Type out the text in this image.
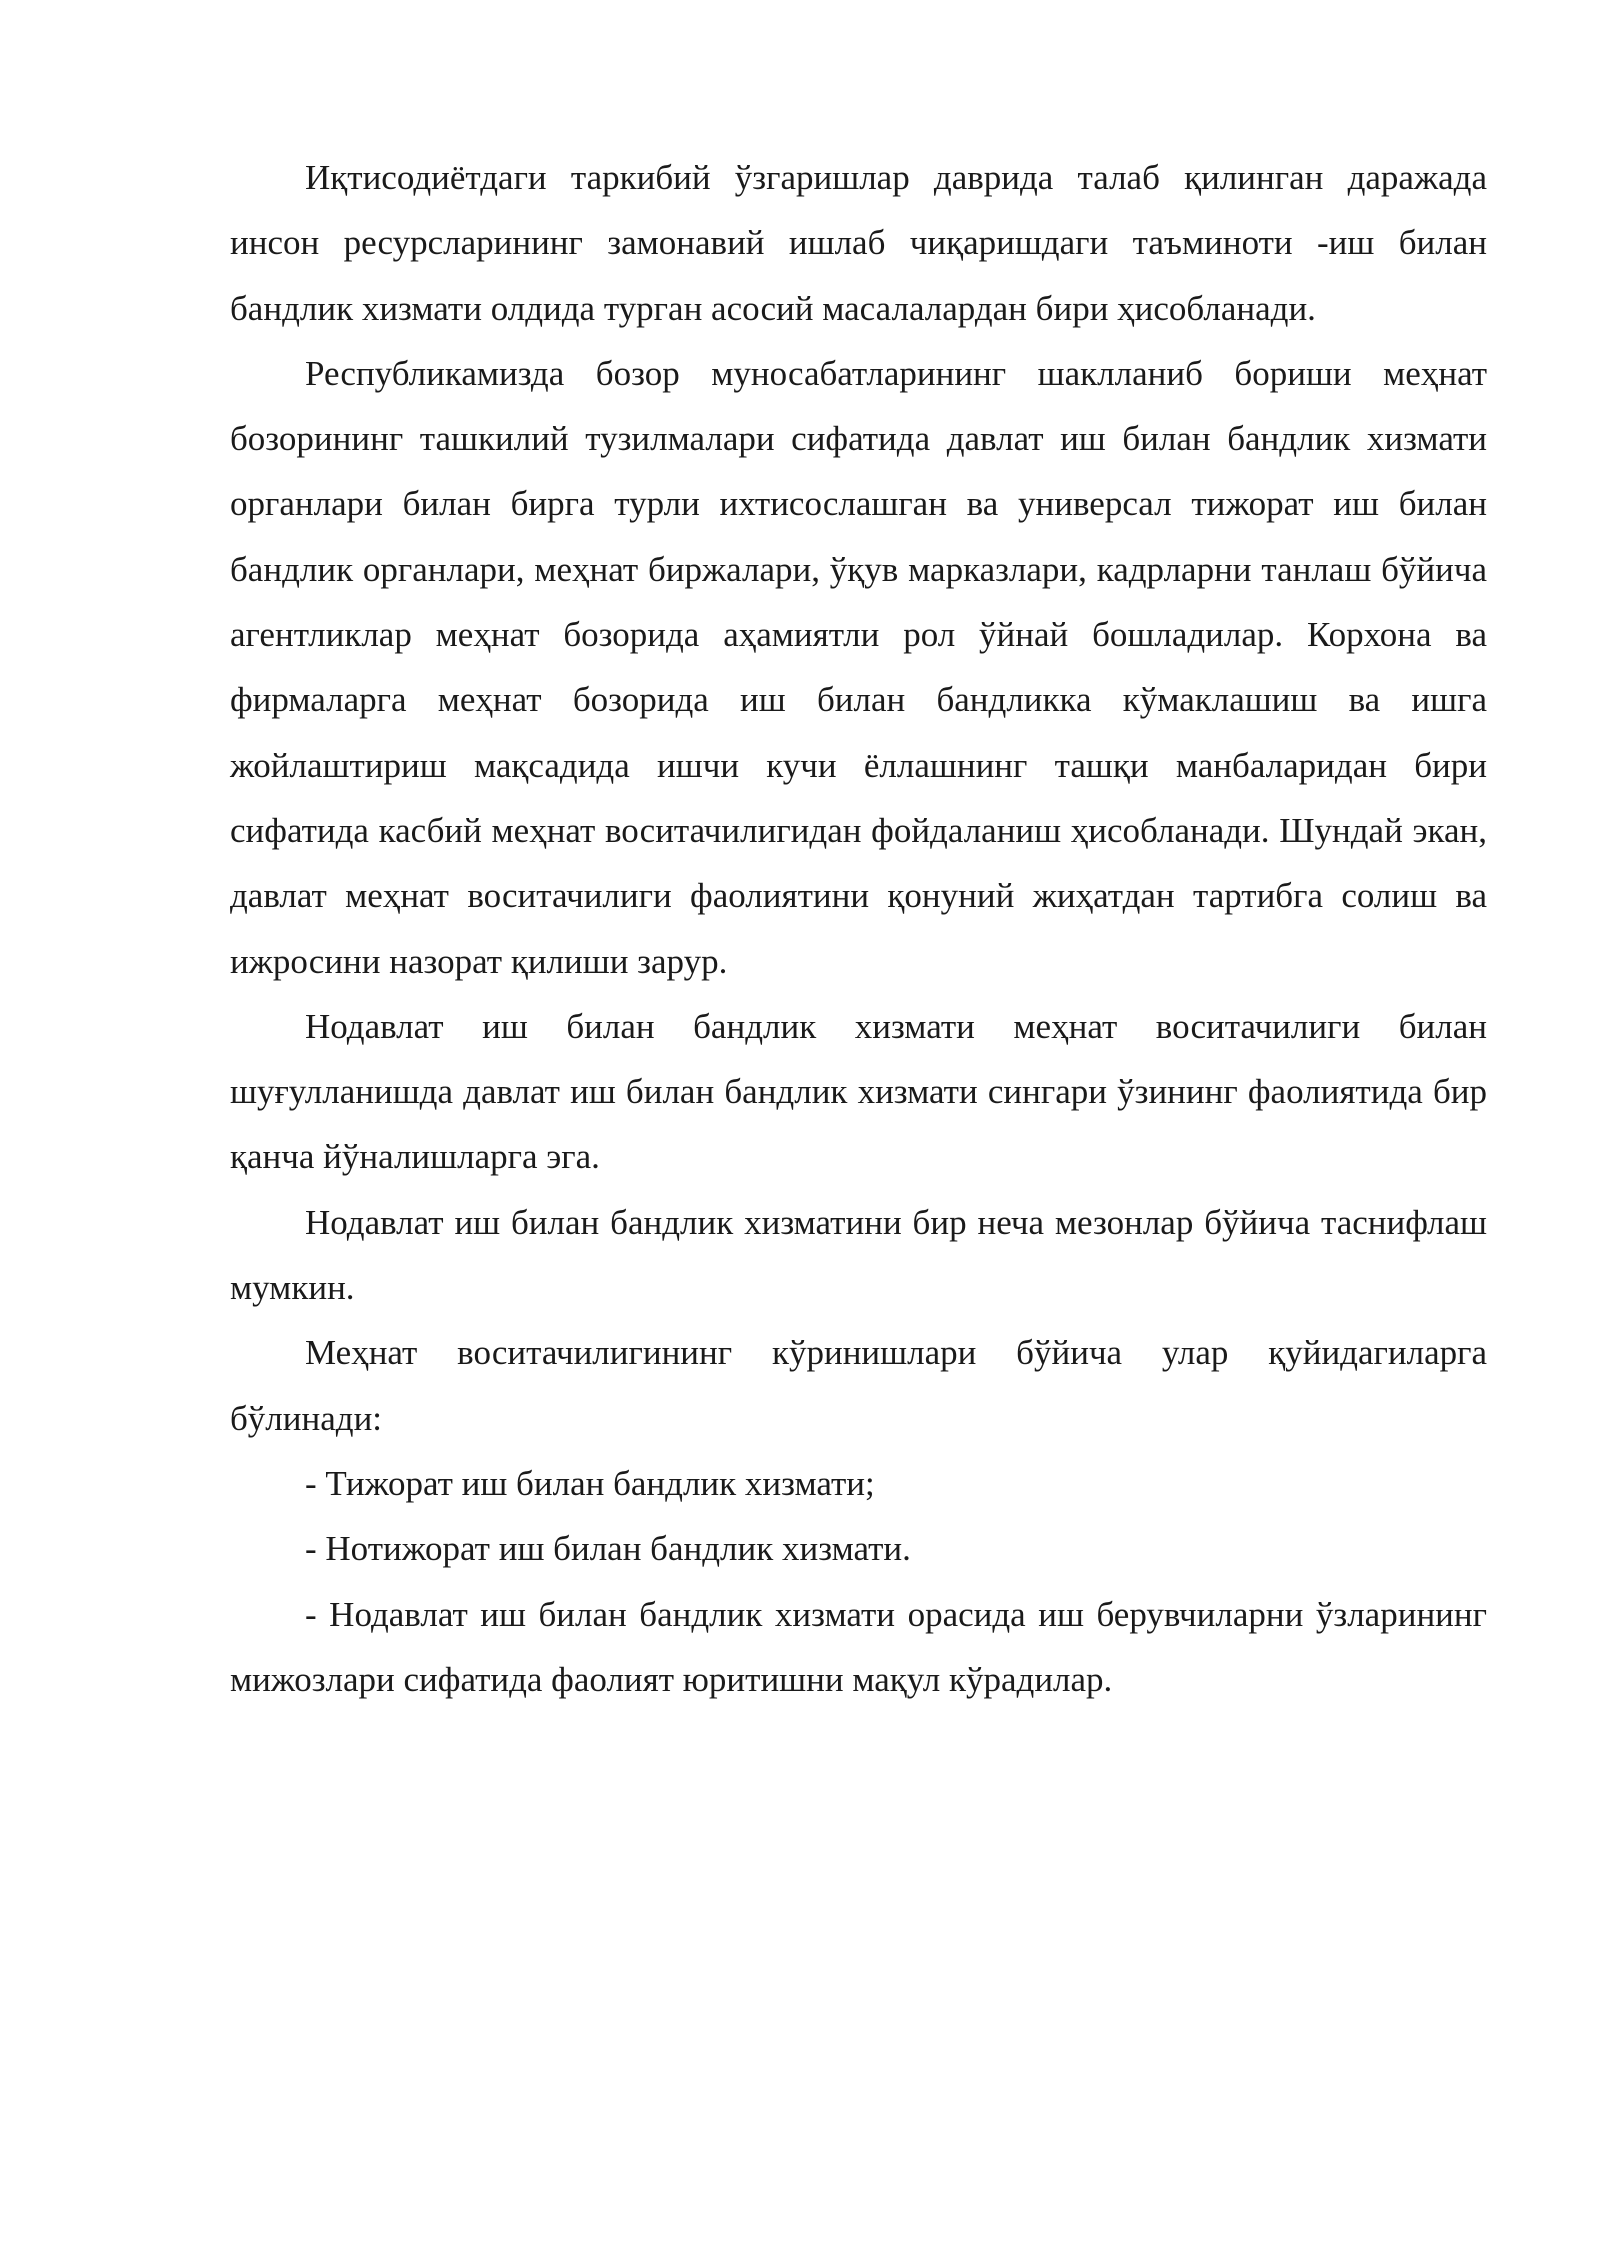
Иқтисодиётдаги таркибий ўзгаришлар даврида талаб қилинган даражада инсон ресурсларининг замонавий ишлаб чиқаришдаги таъминоти -иш билан бандлик хизмати олдида турган асосий масалалардан бири ҳисобланади.

Республикамизда бозор муносабатларининг шаклланиб бориши меҳнат бозорининг ташкилий тузилмалари сифатида давлат иш билан бандлик хизмати органлари билан бирга турли ихтисослашган ва универсал тижорат иш билан бандлик органлари, меҳнат биржалари, ўқув марказлари, кадрларни танлаш бўйича агентликлар меҳнат бозорида аҳамиятли рол ўйнай бошладилар. Корхона ва фирмаларга меҳнат бозорида иш билан бандликка кўмаклашиш ва ишга жойлаштириш мақсадида ишчи кучи ёллашнинг ташқи манбаларидан бири сифатида касбий меҳнат воситачилигидан фойдаланиш ҳисобланади. Шундай экан, давлат меҳнат воситачилиги фаолиятини қонуний жиҳатдан тартибга солиш ва ижросини назорат қилиши зарур.

Нодавлат иш билан бандлик хизмати меҳнат воситачилиги билан шуғулланишда давлат иш билан бандлик хизмати сингари ўзининг фаолиятида бир қанча йўналишларга эга.

Нодавлат иш билан бандлик хизматини бир неча мезонлар бўйича таснифлаш мумкин.

Меҳнат воситачилигининг кўринишлари бўйича улар қуйидагиларга бўлинади:

- Тижорат иш билан бандлик хизмати;

- Нотижорат иш билан бандлик хизмати.

- Нодавлат иш билан бандлик хизмати орасида иш берувчиларни ўзларининг мижозлари сифатида фаолият юритишни мақул кўрадилар.
